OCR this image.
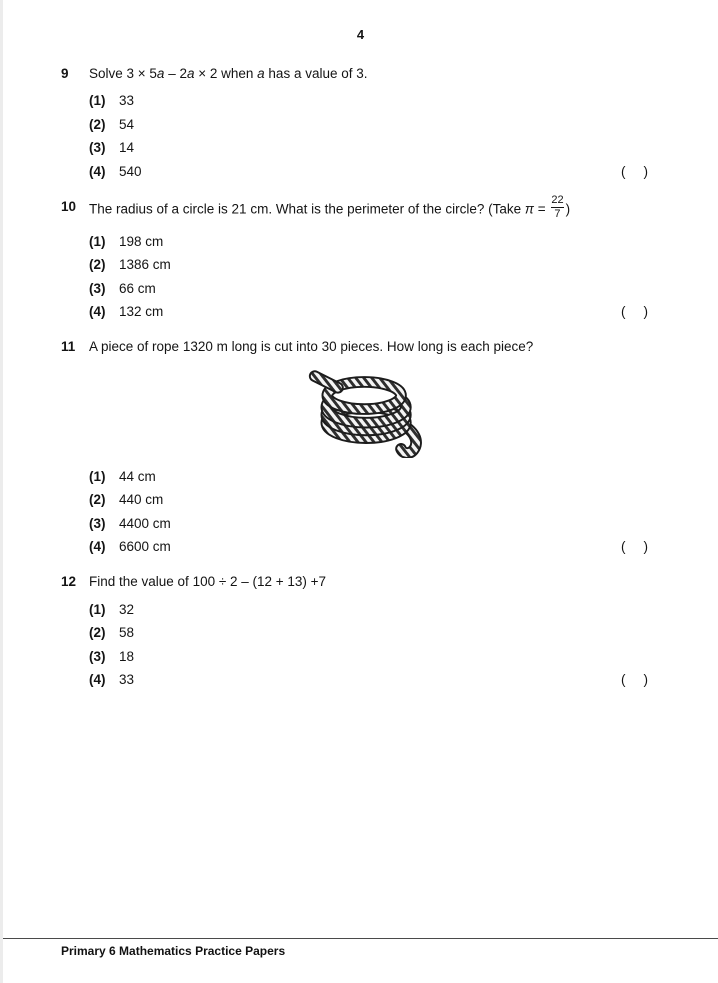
4
9	Solve 3 × 5a – 2a × 2 when a has a value of 3.
(1)	33
(2)	54
(3)	14
(4)	540	( )
10 The radius of a circle is 21 cm. What is the perimeter of the circle? (Take $\pi = \frac{22}{7}$ )
(1)	198 cm
(2)	1386 cm
(3)	66 cm
(4)	132 cm	( )
11	A piece of rope 1320 m long is cut into 30 pieces. How long is each piece?
(1)	44 cm
(2)	440 cm
(3)	4400 cm
(4)	6600 cm	( )
12 Find the value of 100 ÷ 2 – (12 + 13) +7
(1)	32
(2)	58
(3)	18
(4)	33	( )
Primary 6 Mathematics Practice Papers
